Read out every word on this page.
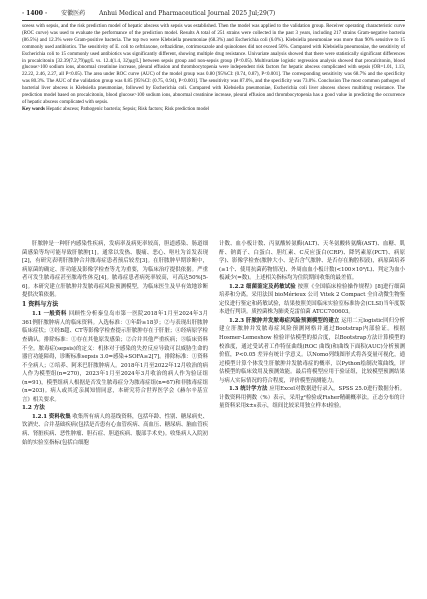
· 1400 · 安徽医药 Anhui Medical and Pharmaceutical Journal 2025 Jul;29(7)

sceess with sepsis, and the risk prediction model of hepatic abscess with sepsis was established. Then the model was applied to the validation group. Receiver operating characteristic curve (ROC curve) was used to evaluate the performance of the prediction model. Results A total of 251 strains were collected in the past 3 years, including 217 strains Gram-negative bacteria (86.5%) and 12.3% were Gram-positive bacteria. The top two were Klebsiella pneumoniae (68.3%) and Escherichia coli (6.0%). Klebsiella pneumoniae was more than 90% sensitive to 15 commonly used antibiotics. The sensitivity of E. coli to ceftriaxone, ceftazidime, cotrimoxazole and quinolones did not exceed 50%. Compared with Klebsiella pneumoniae, the sensitivity of Escherichia coli to 15 commonly used antibiotics was significantly different, showing multiple drug resistance. Univariate analysis showed that there were statistically significant differences in procalcitonin [32.39(7.2,79)μg/L vs. 12.4(1.4, 32)μg/L] between sepsis group and non-sepsis group (P<0.05). Multivariate logistic regression analysis showed that procalcitonin, blood glucose>100 sodium ions, abnormal creatinine increase, pleural effusion and thrombocytopenia were independent risk factors for hepatic abscess complicated with sepsis (OR=1.01, 1.13, 22.22, 2.46, 2.27, all P<0.05). The area under ROC curve (AUC) of the model group was 0.80 [95%CI: (0.74, 0.87), P<0.001]. The corresponding sensitivity was 68.7% and the specificity was 80.3%. The AUC of the validation group was 0.85 [95%CI: (0.75, 0.94), P<0.001]. The sensitivity was 87.0%, and the specificity was 73.0%. Conclusion The most common pathogen of bacterial liver abscess is Klebsiella pneumoniae, followed by Escherichia coli. Compared with Klebsiella pneumoniae, Escherichia coli liver abscess shows multidrug resistance. The prediction model based on procalcitonin, blood glucose>100 sodium ions, abnormal creatinine increase, pleural effusion and thrombocytopenia has a good value in predicting the occurrence of hepatic abscess complicated with sepsis.

Key words Hepatic abscess; Pathogenic bacteria; Sepsis; Risk factors; Risk prediction model

肝脓肿是一种肝内感染性疾病，发病率及病死率较高，胆道感染、肠道细菌感染等均可能导致肝脓肿[1]。通常以发热、腹痛、恶心、呕吐为首发表现[2]，有研究表明肝脓肿合并脓毒症患者预后较差[3]。在肝脓肿早期诊断中，病原菌的确定、肝功能及影像学检查等尤为重要，为临床治疗提供依据。严重者可发生脓毒症甚至脓毒性休克[4]。脓毒症患者病死率较高，可高达50%[5-6]。本研究建立肝脓肿并发脓毒症风险预测模型，为临床医生及早有效地诊断提供决策依据。

1 资料与方法

1.1 一般资料 回顾性分析秦皇岛市第一医院2018年1月至2024年3月361例肝脓肿病人的临床资料。入选标准：①年龄≥18岁；②与表现出肝脓肿临床症状；③经B超、CT等影像学检查提示肝脓肿存在于肝脏；④经病原学检查确认。排除标准：①存在其他原发感染；②合并其他严重疾病；③临床资料不全。脓毒症(sepsis)的定义：机体对于感染的失控反应导致可以威胁生命的器官功能障碍，诊断标准sepsis 3.0=感染+SOFA≥2[7]。排除标准：①资料不全病人；②培养、阿米巴肝脓肿病人。2018年1月至2022年12月收治的病人作为模型组(n=270)，2023年1月至2024年3月收治的病人作为验证组(n=91)，模型组病人根据是否发生脓毒症分为脓毒症组(n=67)和非脓毒症组(n=203)。病人或其近亲属知情同意，本研究符合世界医学会《赫尔辛基宣言》相关要求。

1.2 方法

1.2.1 资料收集 收集所有病人的基线资料，包括年龄、性别、糖尿病史、饮酒史、合并基础疾病(包括是否患有心血管疾病、高血压、糖尿病、脑血管疾病、肾脏疾病、恶性肿瘤、胆石症、胆道疾病、腹部手术史)。收集病人入院初始的实验室指标(包括白细胞

计数、血小板计数、丙氨酸转氨酶(ALT)、天冬氨酸转氨酶(AST)、血糖、肌酐、钠离子、白蛋白、胆红素、C反应蛋白(CRP)、降钙素原(PCT)、病原学)、影像学检查(脓肿大小、是否含气脓肿、是否存在胸腔积液)，病原菌培养(≥1个、使用抗菌药物情况)、外周血血小板计数(<100×10⁹/L)、判定为血小板减少(=数)。上述相关指标均为住院期间收集的最差值。

1.2.2 细菌鉴定及药敏试验 按照《全国临床检验操作规程》[8]进行细菌培养和分离。采用法国 bioMérieux 公司 Vitek 2 Compact 全自动微生物鉴定仪进行鉴定和药敏试验，结果按照美国临床实验室标准协会(CLSI)当年度版本进行判读。质控菌株为肺炎克雷伯菌 ATCC700603。

1.2.3 肝脓肿并发脓毒症风险预测模型的建立 运用二元logistic回归分析建立肝脓肿并发脓毒症风险预测网格并通过Bootstrap内部验证。根据 Hosmer-Lemeshow 检验评估模型的拟合度，以Bootstrap方法计算模型的校准度，通过受试者工作特征曲线(ROC 曲线)和曲线下面积(AUC)分析预测价值，P<0.05 差异有统计学意义。以Nomo列线图形式将各变量可视化，通过模型计算个体发生肝脓肿并发脓毒症的概率，以Python绘制决策曲线，评估模型的临床效用及预测效能。最后将模型应用于验证组，比较模型预测结果与病人实际情况的符合程度，评价模型预测能力。

1.3 统计学方法 应用Excel对数据进行录入，SPSS 25.0进行数据分析。计数资料用例数（%）表示，采用χ²检验或Fisher精确概率法。正态分布的计量资料采用x̄±s表示，组间比较采用独立样本t检验。
